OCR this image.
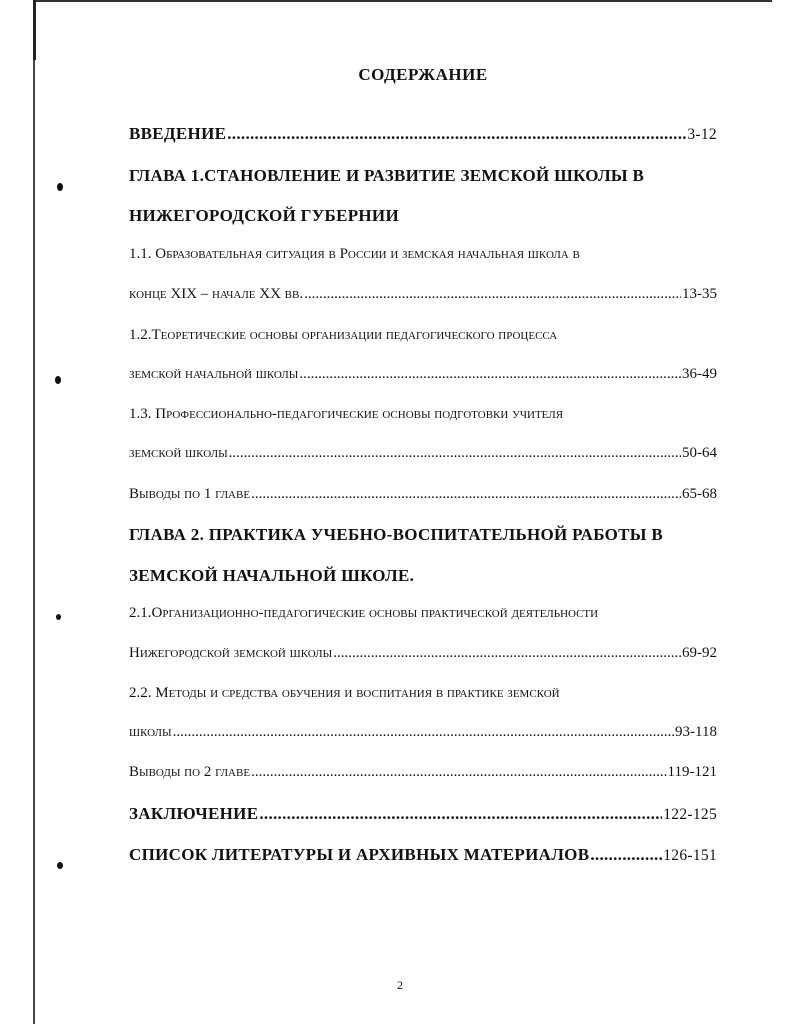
СОДЕРЖАНИЕ
ВВЕДЕНИЕ .....	3-12
ГЛАВА 1.СТАНОВЛЕНИЕ И РАЗВИТИЕ ЗЕМСКОЙ ШКОЛЫ В
НИЖЕГОРОДСКОЙ ГУБЕРНИИ
1.1. Образовательная ситуация в России и земская начальная школа в
конце XIX – начале XX вв. .....	13-35
1.2.Теоретические основы организации педагогического процесса
земской начальной школы .....	36-49
1.3. Профессионально-педагогические основы подготовки учителя
земской школы .....	50-64
Выводы по 1 главе .....	65-68
ГЛАВА 2. ПРАКТИКА УЧЕБНО-ВОСПИТАТЕЛЬНОЙ РАБОТЫ В
ЗЕМСКОЙ НАЧАЛЬНОЙ ШКОЛЕ.
2.1.Организационно-педагогические основы практической деятельности
Нижегородской земской школы .....	69-92
2.2. Методы и средства обучения и воспитания в практике земской
школы .....	93-118
Выводы по 2 главе .....	119-121
ЗАКЛЮЧЕНИЕ .....	122-125
СПИСОК ЛИТЕРАТУРЫ И АРХИВНЫХ МАТЕРИАЛОВ .....	126-151
2
